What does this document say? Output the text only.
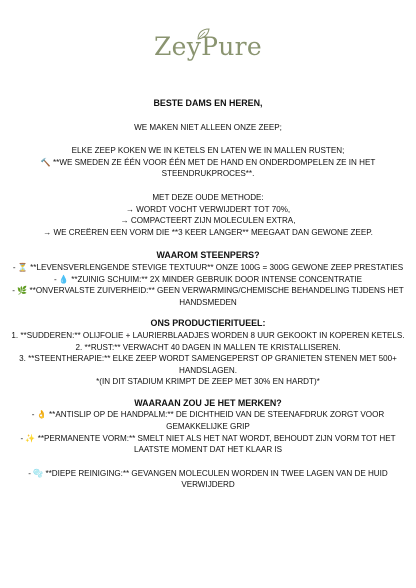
ZeyPure

BESTE DAMS EN HEREN,

WE MAKEN NIET ALLEEN ONZE ZEEP;

ELKE ZEEP KOKEN WE IN KETELS EN LATEN WE IN MALLEN RUSTEN;

🔨 **WE SMEDEN ZE ÉÉN VOOR ÉÉN MET DE HAND EN ONDERDOMPELEN ZE IN HET STEENDRUKPROCES**.

MET DEZE OUDE METHODE:

→ WORDT VOCHT VERWIJDERT TOT 70%,

→ COMPACTEERT ZIJN MOLECULEN EXTRA,

→ WE CREËREN EEN VORM DIE **3 KEER LANGER** MEEGAAT DAN GEWONE ZEEP.

WAAROM STEENPERS?

- ⏳ **LEVENSVERLENGENDE STEVIGE TEXTUUR** ONZE 100G = 300G GEWONE ZEEP PRESTATIES

- 💧 **ZUINIG SCHUIM:** 2X MINDER GEBRUIK DOOR INTENSE CONCENTRATIE

- 🌿 **ONVERVALSTE ZUIVERHEID:** GEEN VERWARMING/CHEMISCHE BEHANDELING TIJDENS HET HANDSMEDEN

ONS PRODUCTIERITUEEL:

1. **SUDDEREN:** OLIJFOLIE + LAURIERBLAADJES WORDEN 8 UUR GEKOOKT IN KOPEREN KETELS.

2. **RUST:** VERWACHT 40 DAGEN IN MALLEN TE KRISTALLISEREN.

3. **STEENTHERAPIE:** ELKE ZEEP WORDT SAMENGEPERST OP GRANIETEN STENEN MET 500+ HANDSLAGEN.

*(IN DIT STADIUM KRIMPT DE ZEEP MET 30% EN HARDT)*

WAARAAN ZOU JE HET MERKEN?

- 👌 **ANTISLIP OP DE HANDPALM:** DE DICHTHEID VAN DE STEENAFDRUK ZORGT VOOR GEMAKKELIJKE GRIP

- ✨ **PERMANENTE VORM:** SMELT NIET ALS HET NAT WORDT, BEHOUDT ZIJN VORM TOT HET LAATSTE MOMENT DAT HET KLAAR IS

- 🫧 **DIEPE REINIGING:** GEVANGEN MOLECULEN WORDEN IN TWEE LAGEN VAN DE HUID VERWIJDERD
